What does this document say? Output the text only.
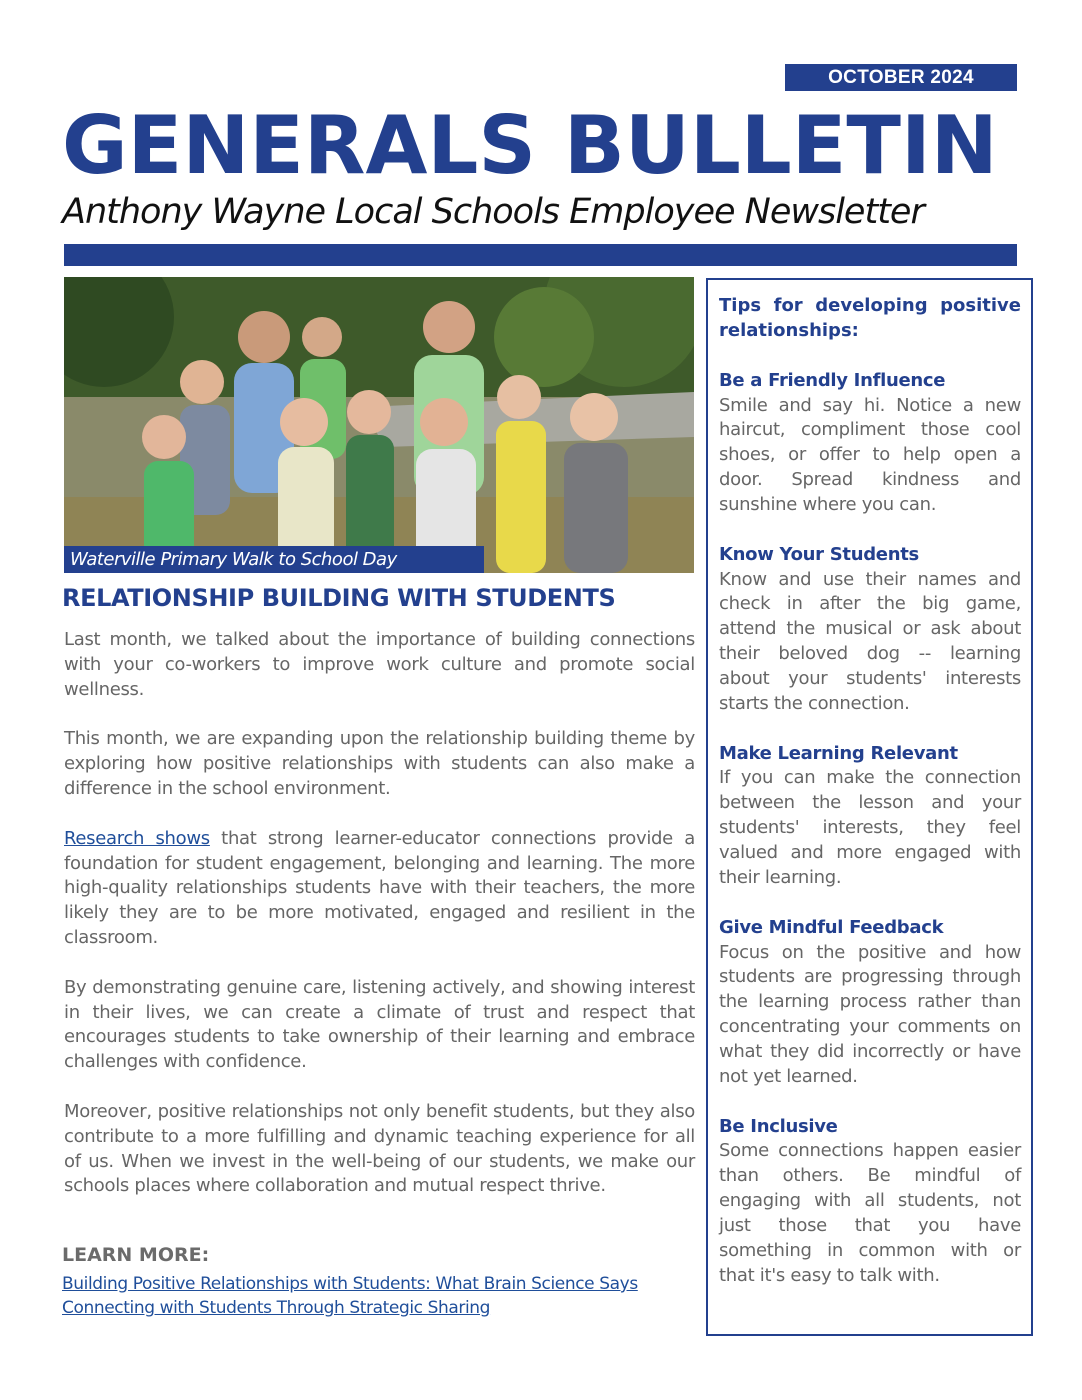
OCTOBER 2024
GENERALS BULLETIN
Anthony Wayne Local Schools Employee Newsletter
Waterville Primary Walk to School Day
RELATIONSHIP BUILDING WITH STUDENTS

Last month, we talked about the importance of building connections with your co-workers to improve work culture and promote social wellness.

This month, we are expanding upon the relationship building theme by exploring how positive relationships with students can also make a difference in the school environment.

Research shows that strong learner-educator connections provide a foundation for student engagement, belonging and learning. The more high-quality relationships students have with their teachers, the more likely they are to be more motivated, engaged and resilient in the classroom.

By demonstrating genuine care, listening actively, and showing interest in their lives, we can create a climate of trust and respect that encourages students to take ownership of their learning and embrace challenges with confidence.

Moreover, positive relationships not only benefit students, but they also contribute to a more fulfilling and dynamic teaching experience for all of us. When we invest in the well-being of our students, we make our schools places where collaboration and mutual respect thrive.

LEARN MORE:
Building Positive Relationships with Students: What Brain Science Says
Connecting with Students Through Strategic Sharing
Tips for developing positive relationships:
Be a Friendly Influence

Smile and say hi. Notice a new haircut, compliment those cool shoes, or offer to help open a door. Spread kindness and sunshine where you can.

Know Your Students

Know and use their names and check in after the big game, attend the musical or ask about their beloved dog -- learning about your students' interests starts the connection.

Make Learning Relevant

If you can make the connection between the lesson and your students' interests, they feel valued and more engaged with their learning.

Give Mindful Feedback

Focus on the positive and how students are progressing through the learning process rather than concentrating your comments on what they did incorrectly or have not yet learned.

Be Inclusive

Some connections happen easier than others. Be mindful of engaging with all students, not just those that you have something in common with or that it's easy to talk with.
